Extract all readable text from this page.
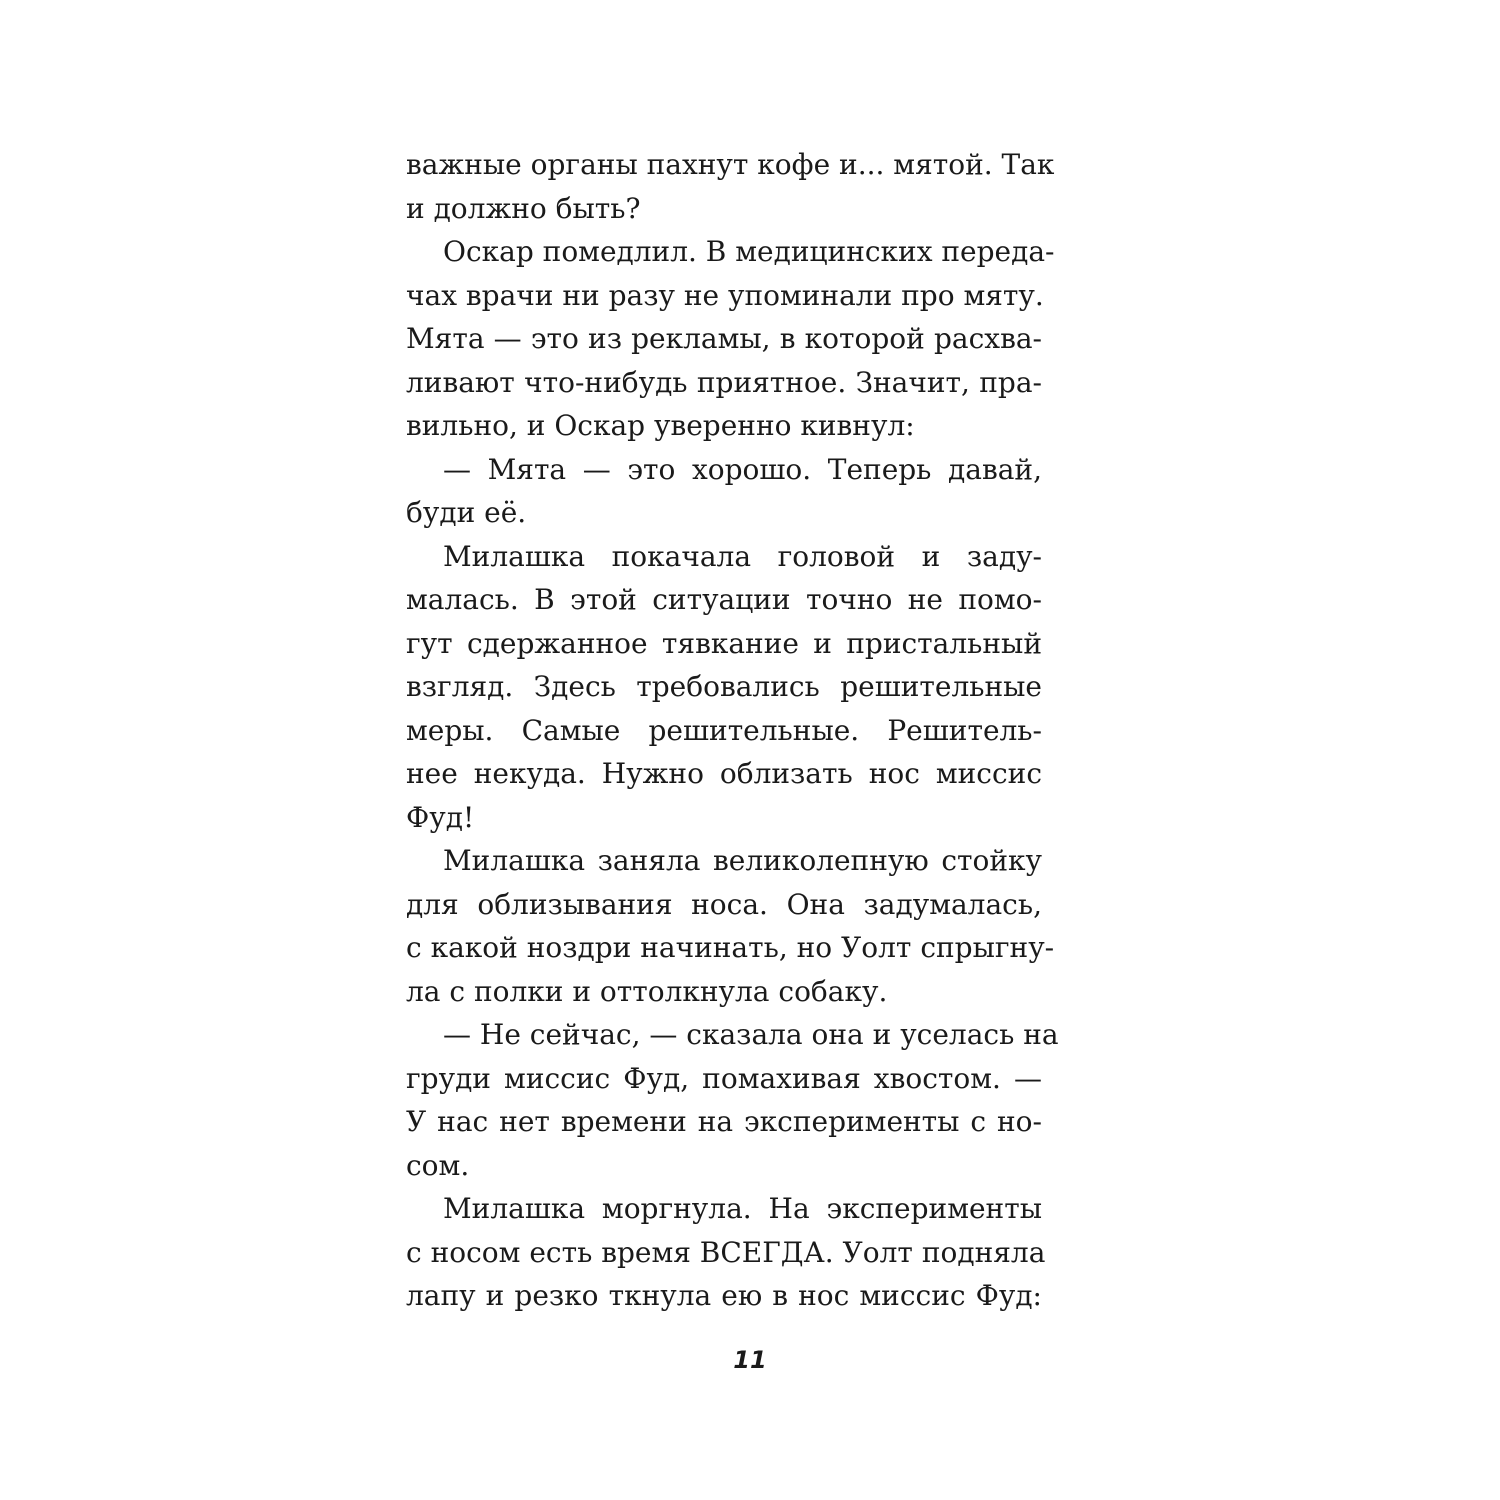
важные органы пахнут кофе и... мятой. Так
и должно быть?
Оскар помедлил. В медицинских переда-
чах врачи ни разу не упоминали про мяту.
Мята — это из рекламы, в которой расхва-
ливают что-нибудь приятное. Значит, пра-
вильно, и Оскар уверенно кивнул:
— Мята — это хорошо. Теперь давай,
буди её.
Милашка покачала головой и заду-
малась. В этой ситуации точно не помо-
гут сдержанное тявкание и пристальный
взгляд. Здесь требовались решительные
меры. Самые решительные. Решитель-
нее некуда. Нужно облизать нос миссис
Фуд!
Милашка заняла великолепную стойку
для облизывания носа. Она задумалась,
с какой ноздри начинать, но Уолт спрыгну-
ла с полки и оттолкнула собаку.
— Не сейчас, — сказала она и уселась на
груди миссис Фуд, помахивая хвостом. —
У нас нет времени на эксперименты с но-
сом.
Милашка моргнула. На эксперименты
с носом есть время ВСЕГДА. Уолт подняла
лапу и резко ткнула ею в нос миссис Фуд:
11
